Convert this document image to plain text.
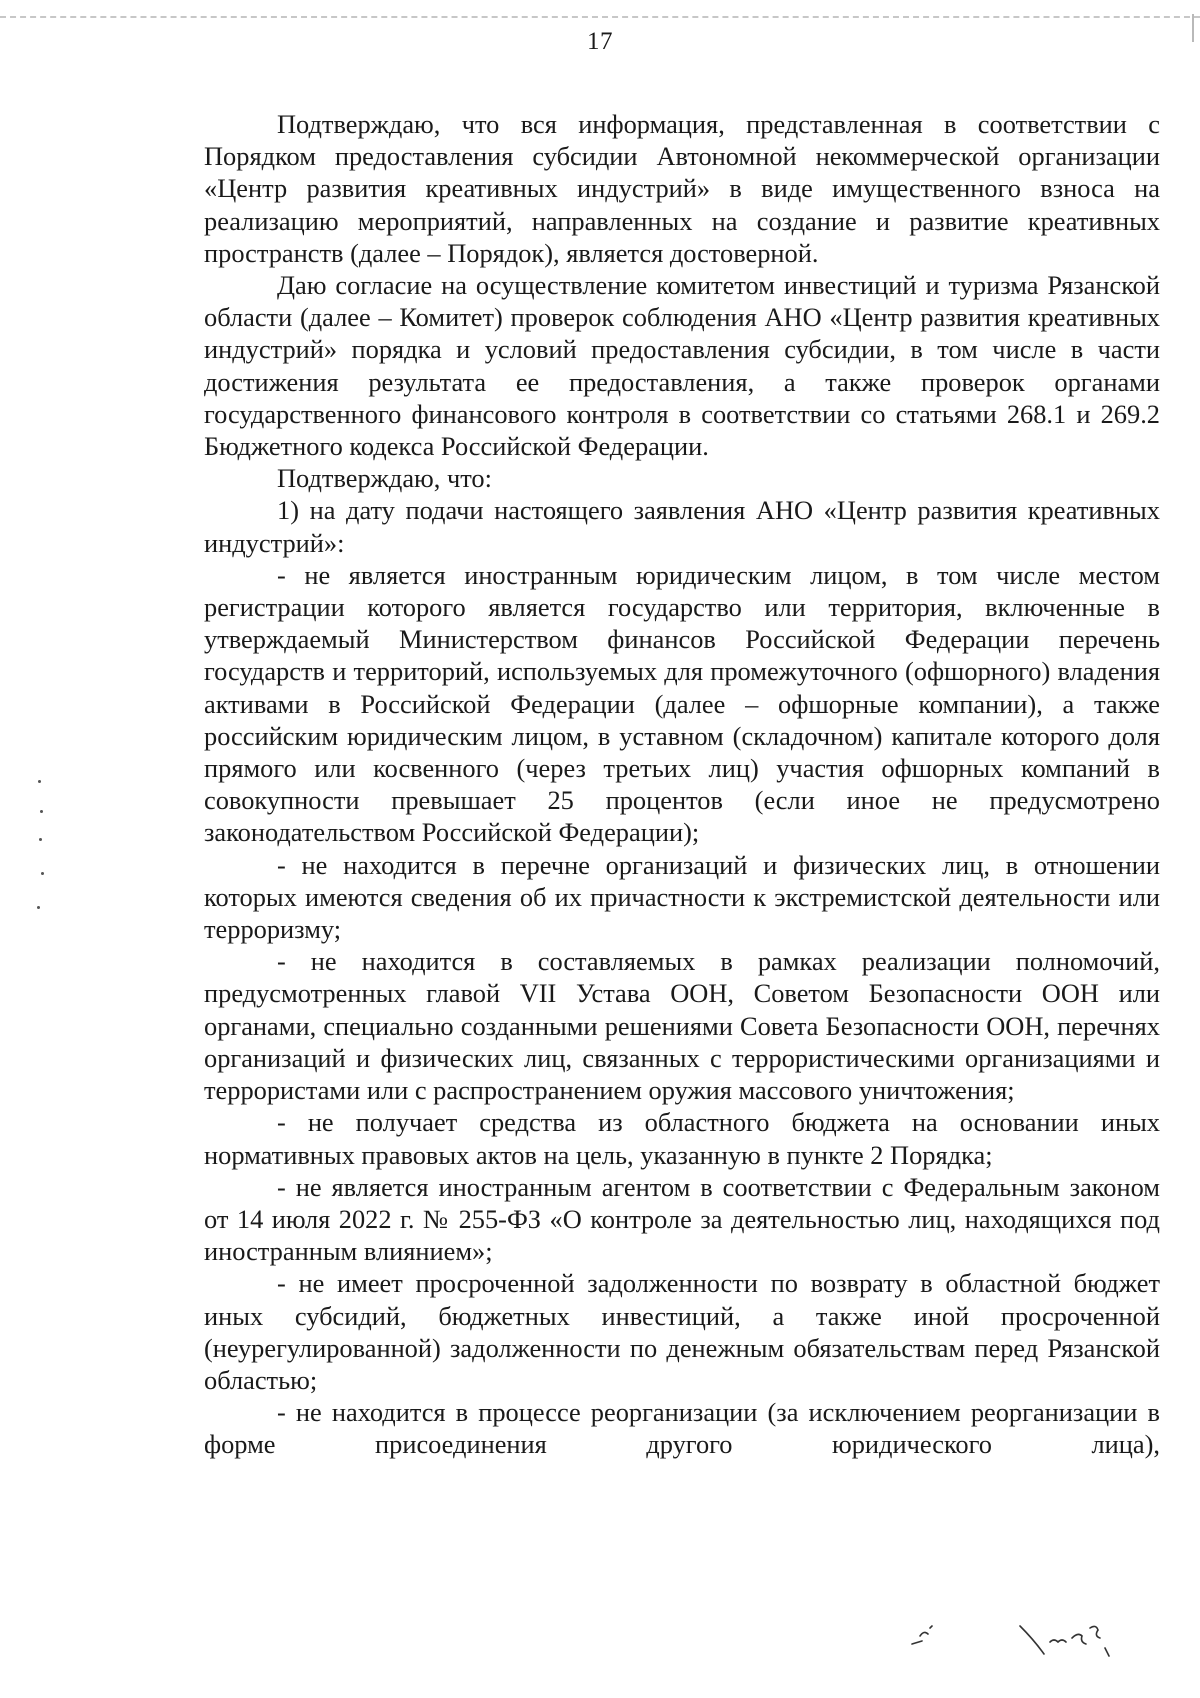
17

Подтверждаю, что вся информация, представленная в соответствии с Порядком предоставления субсидии Автономной некоммерческой организации «Центр развития креативных индустрий» в виде имущественного взноса на реализацию мероприятий, направленных на создание и развитие креативных пространств (далее – Порядок), является достоверной.

Даю согласие на осуществление комитетом инвестиций и туризма Рязанской области (далее – Комитет) проверок соблюдения АНО «Центр развития креативных индустрий» порядка и условий предоставления субсидии, в том числе в части достижения результата ее предоставления, а также проверок органами государственного финансового контроля в соответствии со статьями 268.1 и 269.2 Бюджетного кодекса Российской Федерации.

Подтверждаю, что:

1) на дату подачи настоящего заявления АНО «Центр развития креативных индустрий»:

- не является иностранным юридическим лицом, в том числе местом регистрации которого является государство или территория, включенные в утверждаемый Министерством финансов Российской Федерации перечень государств и территорий, используемых для промежуточного (офшорного) владения активами в Российской Федерации (далее – офшорные компании), а также российским юридическим лицом, в уставном (складочном) капитале которого доля прямого или косвенного (через третьих лиц) участия офшорных компаний в совокупности превышает 25 процентов (если иное не предусмотрено законодательством Российской Федерации);

- не находится в перечне организаций и физических лиц, в отношении которых имеются сведения об их причастности к экстремистской деятельности или терроризму;

- не находится в составляемых в рамках реализации полномочий, предусмотренных главой VII Устава ООН, Советом Безопасности ООН или органами, специально созданными решениями Совета Безопасности ООН, перечнях организаций и физических лиц, связанных с террористическими организациями и террористами или с распространением оружия массового уничтожения;

- не получает средства из областного бюджета на основании иных нормативных правовых актов на цель, указанную в пункте 2 Порядка;

- не является иностранным агентом в соответствии с Федеральным законом от 14 июля 2022 г. № 255-ФЗ «О контроле за деятельностью лиц, находящихся под иностранным влиянием»;

- не имеет просроченной задолженности по возврату в областной бюджет иных субсидий, бюджетных инвестиций, а также иной просроченной (неурегулированной) задолженности по денежным обязательствам перед Рязанской областью;

- не находится в процессе реорганизации (за исключением реорганизации в форме присоединения другого юридического лица),
